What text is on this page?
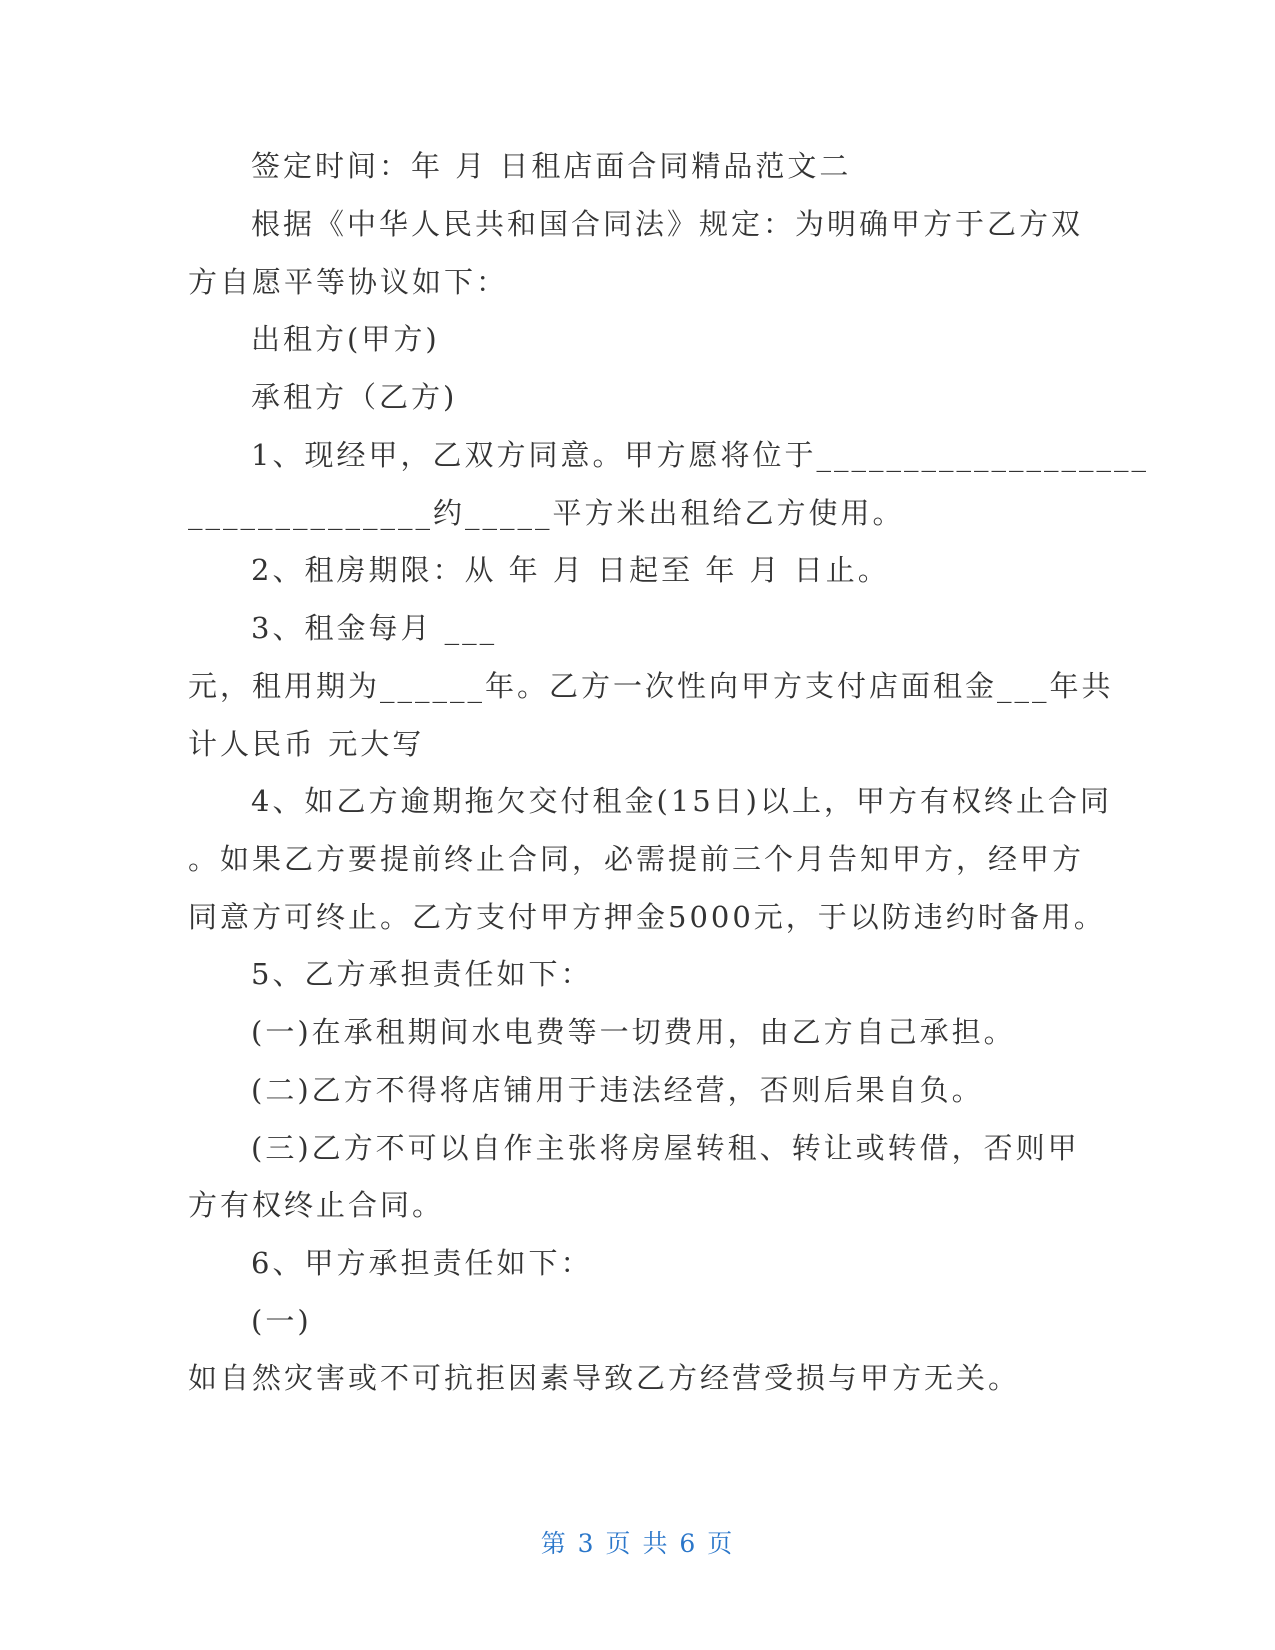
签定时间：年 月 日租店面合同精品范文二
根据《中华人民共和国合同法》规定：为明确甲方于乙方双
方自愿平等协议如下：
出租方(甲方)
承租方（乙方)
1、现经甲，乙双方同意。甲方愿将位于___________________
______________约_____平方米出租给乙方使用。
2、租房期限：从 年 月 日起至 年 月 日止。
3、租金每月 ___
元，租用期为______年。乙方一次性向甲方支付店面租金___年共
计人民币 元大写
4、如乙方逾期拖欠交付租金(15日)以上，甲方有权终止合同
。如果乙方要提前终止合同，必需提前三个月告知甲方，经甲方
同意方可终止。乙方支付甲方押金5000元，于以防违约时备用。
5、乙方承担责任如下：
(一)在承租期间水电费等一切费用，由乙方自己承担。
(二)乙方不得将店铺用于违法经营，否则后果自负。
(三)乙方不可以自作主张将房屋转租、转让或转借，否则甲
方有权终止合同。
6、甲方承担责任如下：
(一)
如自然灾害或不可抗拒因素导致乙方经营受损与甲方无关。
第 3 页 共 6 页
